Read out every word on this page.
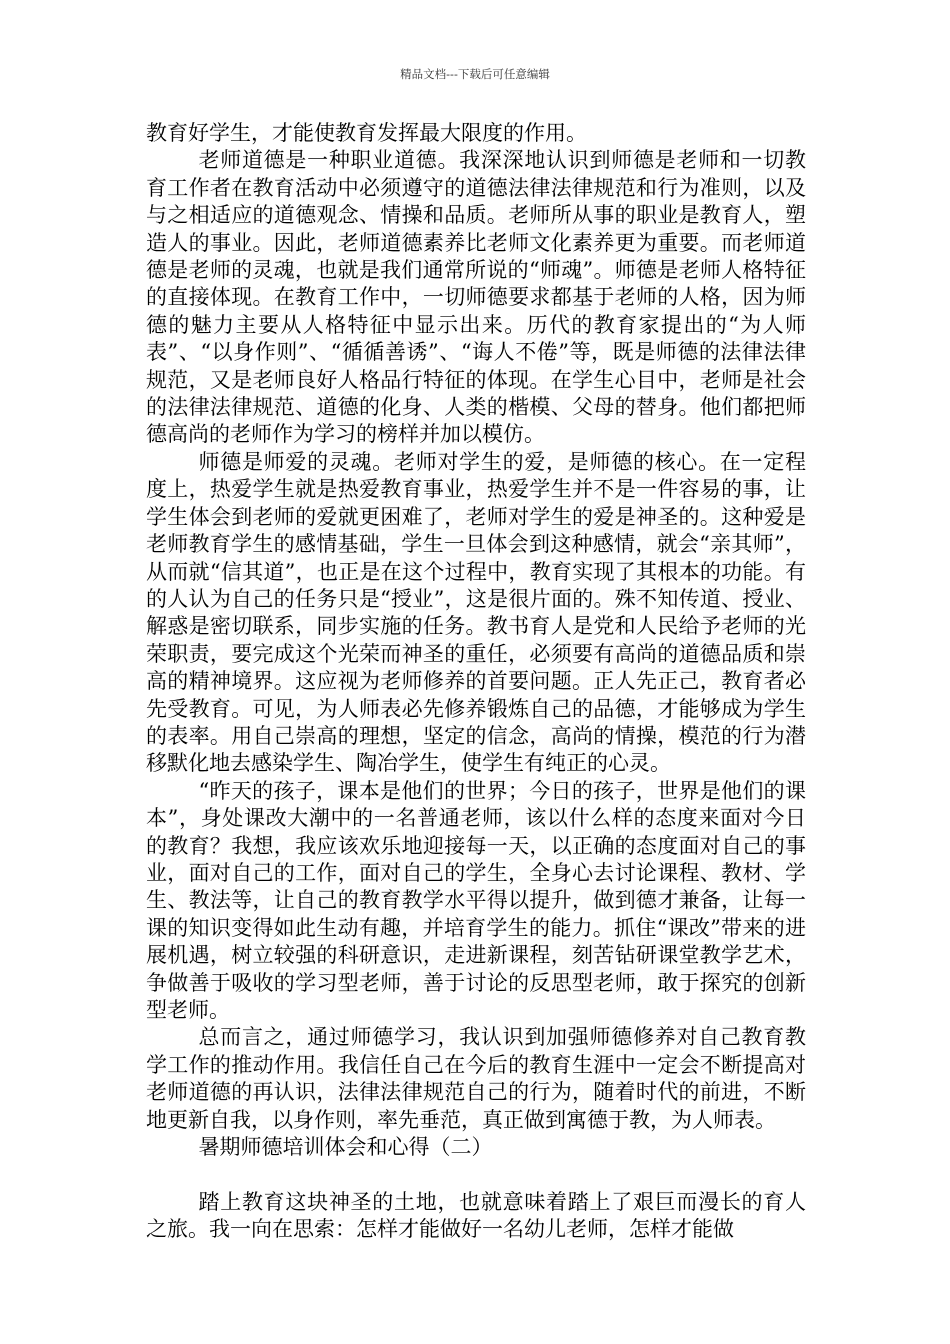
精品文档---下载后可任意编辑

教育好学生，才能使教育发挥最大限度的作用。

老师道德是一种职业道德。我深深地认识到师德是老师和一切教育工作者在教育活动中必须遵守的道德法律法律规范和行为准则，以及与之相适应的道德观念、情操和品质。老师所从事的职业是教育人，塑造人的事业。因此，老师道德素养比老师文化素养更为重要。而老师道德是老师的灵魂，也就是我们通常所说的“师魂”。师德是老师人格特征的直接体现。在教育工作中，一切师德要求都基于老师的人格，因为师德的魅力主要从人格特征中显示出来。历代的教育家提出的“为人师表”、“以身作则”、“循循善诱”、“诲人不倦”等，既是师德的法律法律规范，又是老师良好人格品行特征的体现。在学生心目中，老师是社会的法律法律规范、道德的化身、人类的楷模、父母的替身。他们都把师德高尚的老师作为学习的榜样并加以模仿。

师德是师爱的灵魂。老师对学生的爱，是师德的核心。在一定程度上，热爱学生就是热爱教育事业，热爱学生并不是一件容易的事，让学生体会到老师的爱就更困难了，老师对学生的爱是神圣的。这种爱是老师教育学生的感情基础，学生一旦体会到这种感情，就会“亲其师”，从而就“信其道”，也正是在这个过程中，教育实现了其根本的功能。有的人认为自己的任务只是“授业”，这是很片面的。殊不知传道、授业、解惑是密切联系，同步实施的任务。教书育人是党和人民给予老师的光荣职责，要完成这个光荣而神圣的重任，必须要有高尚的道德品质和崇高的精神境界。这应视为老师修养的首要问题。正人先正己，教育者必先受教育。可见，为人师表必先修养锻炼自己的品德，才能够成为学生的表率。用自己崇高的理想，坚定的信念，高尚的情操，模范的行为潜移默化地去感染学生、陶冶学生，使学生有纯正的心灵。

“昨天的孩子，课本是他们的世界；今日的孩子，世界是他们的课本”，身处课改大潮中的一名普通老师，该以什么样的态度来面对今日的教育？我想，我应该欢乐地迎接每一天，以正确的态度面对自己的事业，面对自己的工作，面对自己的学生，全身心去讨论课程、教材、学生、教法等，让自己的教育教学水平得以提升，做到德才兼备，让每一课的知识变得如此生动有趣，并培育学生的能力。抓住“课改”带来的进展机遇，树立较强的科研意识，走进新课程，刻苦钻研课堂教学艺术，争做善于吸收的学习型老师，善于讨论的反思型老师，敢于探究的创新型老师。

总而言之，通过师德学习，我认识到加强师德修养对自己教育教学工作的推动作用。我信任自己在今后的教育生涯中一定会不断提高对老师道德的再认识，法律法律规范自己的行为，随着时代的前进，不断地更新自我，以身作则，率先垂范，真正做到寓德于教，为人师表。

暑期师德培训体会和心得（二）

踏上教育这块神圣的土地，也就意味着踏上了艰巨而漫长的育人之旅。我一向在思索：怎样才能做好一名幼儿老师，怎样才能做
